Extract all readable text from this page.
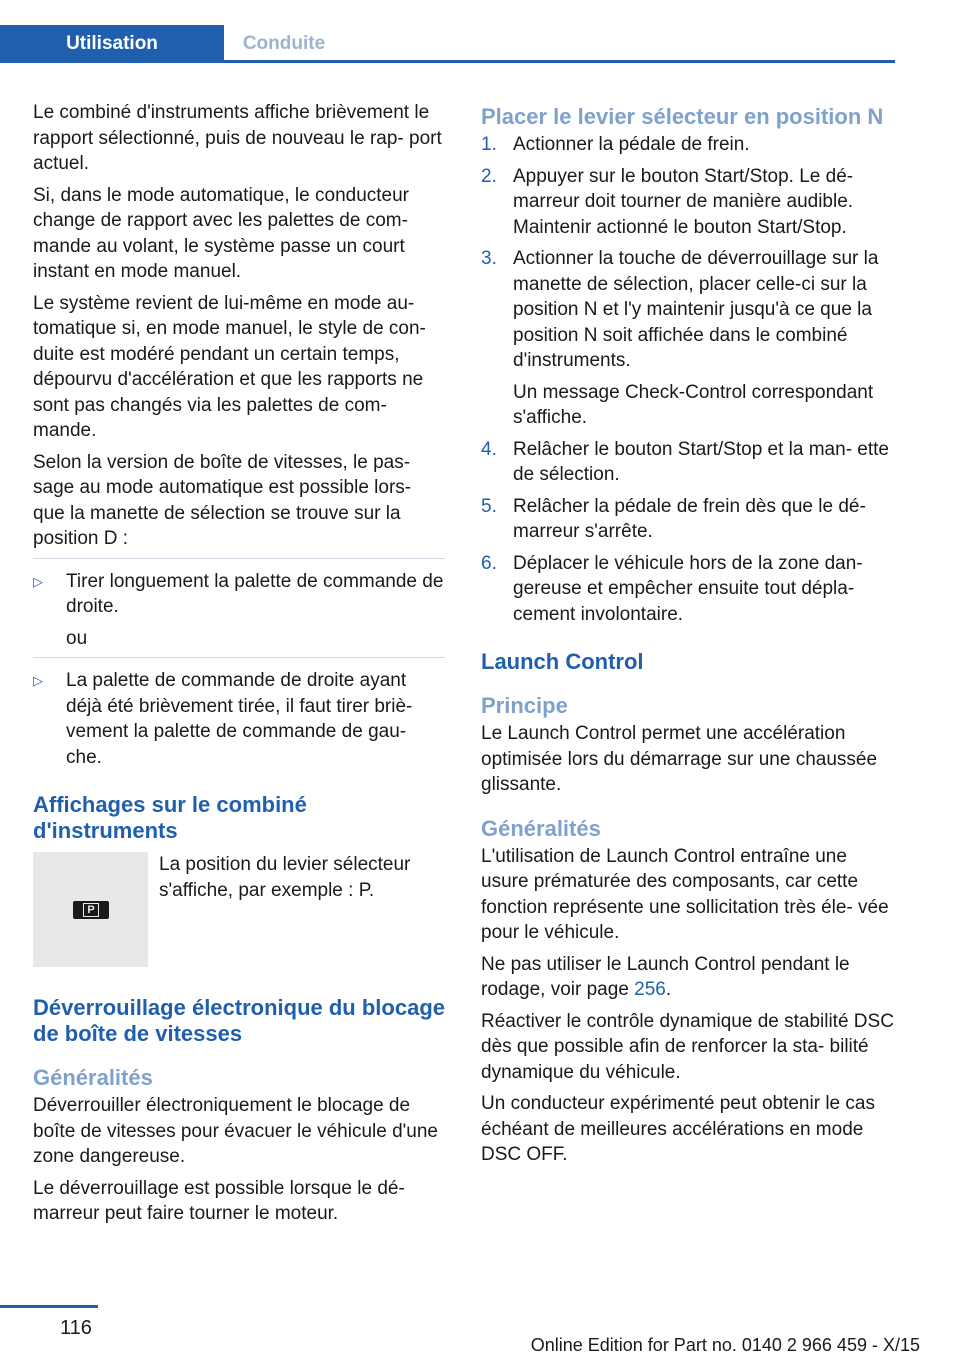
Utilisation	Conduite

Le combiné d'instruments affiche brièvement le rapport sélectionné, puis de nouveau le rap‐ port actuel.

Si, dans le mode automatique, le conducteur change de rapport avec les palettes de com‐ mande au volant, le système passe un court instant en mode manuel.

Le système revient de lui-même en mode au‐ tomatique si, en mode manuel, le style de con‐ duite est modéré pendant un certain temps, dépourvu d'accélération et que les rapports ne sont pas changés via les palettes de com‐ mande.

Selon la version de boîte de vitesses, le pas‐ sage au mode automatique est possible lors‐ que la manette de sélection se trouve sur la position D :

▷	Tirer longuement la palette de commande de droite.

ou

▷	La palette de commande de droite ayant déjà été brièvement tirée, il faut tirer briè‐ vement la palette de commande de gau‐ che.
Affichages sur le combiné d'instruments
P
La position du levier sélecteur s'affiche, par exemple : P.
Déverrouillage électronique du blocage de boîte de vitesses
Généralités

Déverrouiller électroniquement le blocage de boîte de vitesses pour évacuer le véhicule d'une zone dangereuse.

Le déverrouillage est possible lorsque le dé‐ marreur peut faire tourner le moteur.

Placer le levier sélecteur en position N
1. Actionner la pédale de frein.
2. Appuyer sur le bouton Start/Stop. Le dé‐ marreur doit tourner de manière audible. Maintenir actionné le bouton Start/Stop.
3. Actionner la touche de déverrouillage sur la manette de sélection, placer celle-ci sur la position N et l'y maintenir jusqu'à ce que la position N soit affichée dans le combiné d'instruments.

Un message Check-Control correspondant s'affiche.

4. Relâcher le bouton Start/Stop et la man‐ ette de sélection.
5. Relâcher la pédale de frein dès que le dé‐ marreur s'arrête.
6. Déplacer le véhicule hors de la zone dan‐ gereuse et empêcher ensuite tout dépla‐ cement involontaire.
Launch Control
Principe

Le Launch Control permet une accélération optimisée lors du démarrage sur une chaussée glissante.

Généralités

L'utilisation de Launch Control entraîne une usure prématurée des composants, car cette fonction représente une sollicitation très éle‐ vée pour le véhicule.

Ne pas utiliser le Launch Control pendant le rodage, voir page 256.

Réactiver le contrôle dynamique de stabilité DSC dès que possible afin de renforcer la sta‐ bilité dynamique du véhicule.

Un conducteur expérimenté peut obtenir le cas échéant de meilleures accélérations en mode DSC OFF.

116
Online Edition for Part no. 0140 2 966 459 - X/15
